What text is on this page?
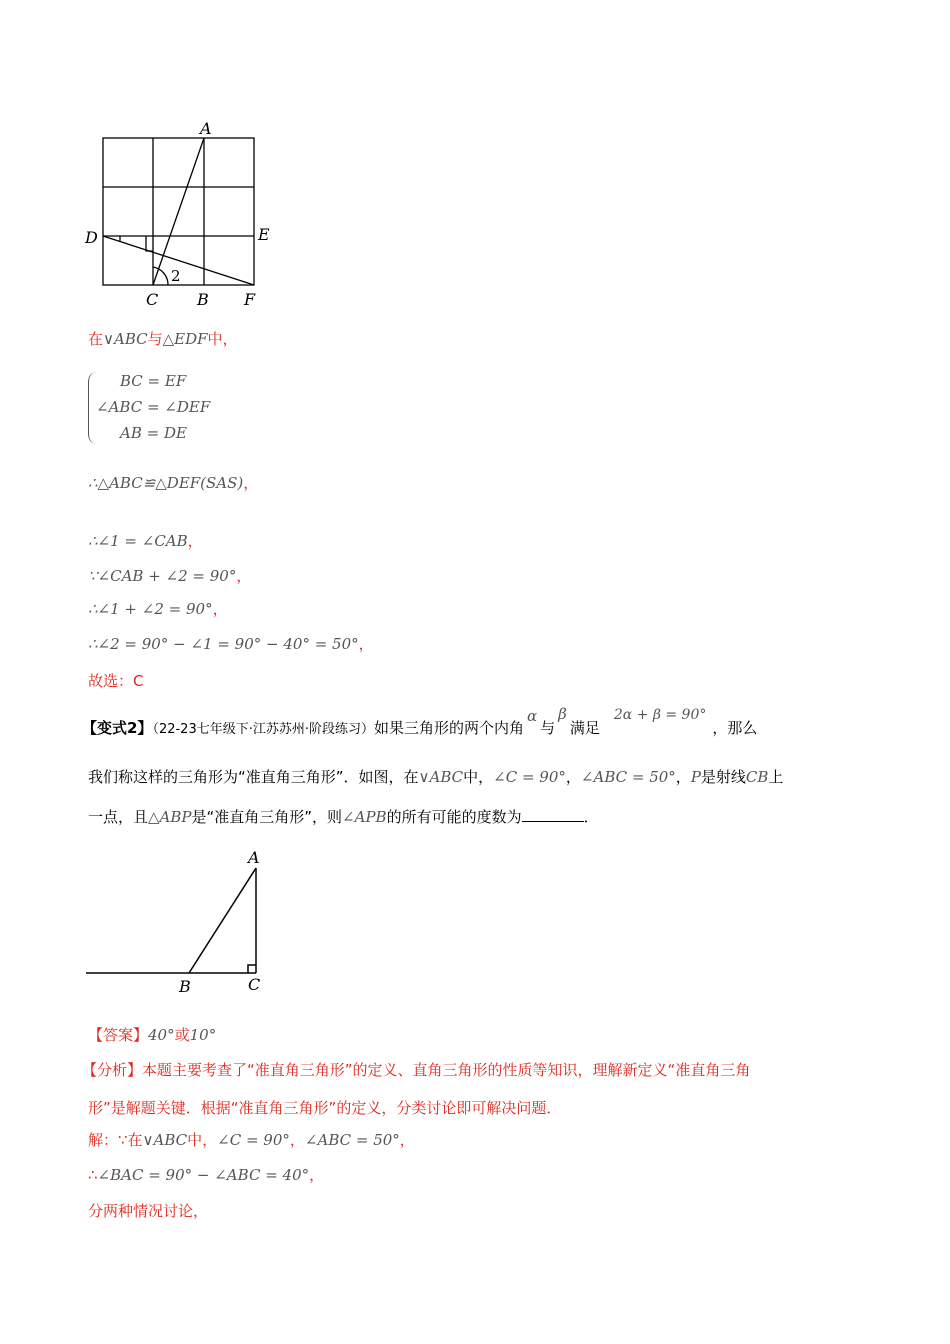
A
D	E
C B F
2
在∨ABC与△EDF中，
BC = EF
∠ABC = ∠DEF
AB = DE
∴△ABC≌△DEF(SAS)，
∴∠1 = ∠CAB，
∵∠CAB + ∠2 = 90°，
∴∠1 + ∠2 = 90°，
∴∠2 = 90° − ∠1 = 90° − 40° = 50°，
故选：C
【变式2】（22-23七年级下·江苏苏州·阶段练习）如果三角形的两个内角α与β满足2α + β = 90°，那么
我们称这样的三角形为“准直角三角形”．如图，在∨ABC中，∠C = 90°，∠ABC = 50°，P是射线CB上
一点，且△ABP是“准直角三角形”，则∠APB的所有可能的度数为	．
A
B	C
【答案】40°或10°
【分析】本题主要考查了“准直角三角形”的定义、直角三角形的性质等知识，理解新定义“准直角三角
形”是解题关键．根据“准直角三角形”的定义，分类讨论即可解决问题．
解：∵在∨ABC中，∠C = 90°，∠ABC = 50°，
∴∠BAC = 90° − ∠ABC = 40°，
分两种情况讨论，
